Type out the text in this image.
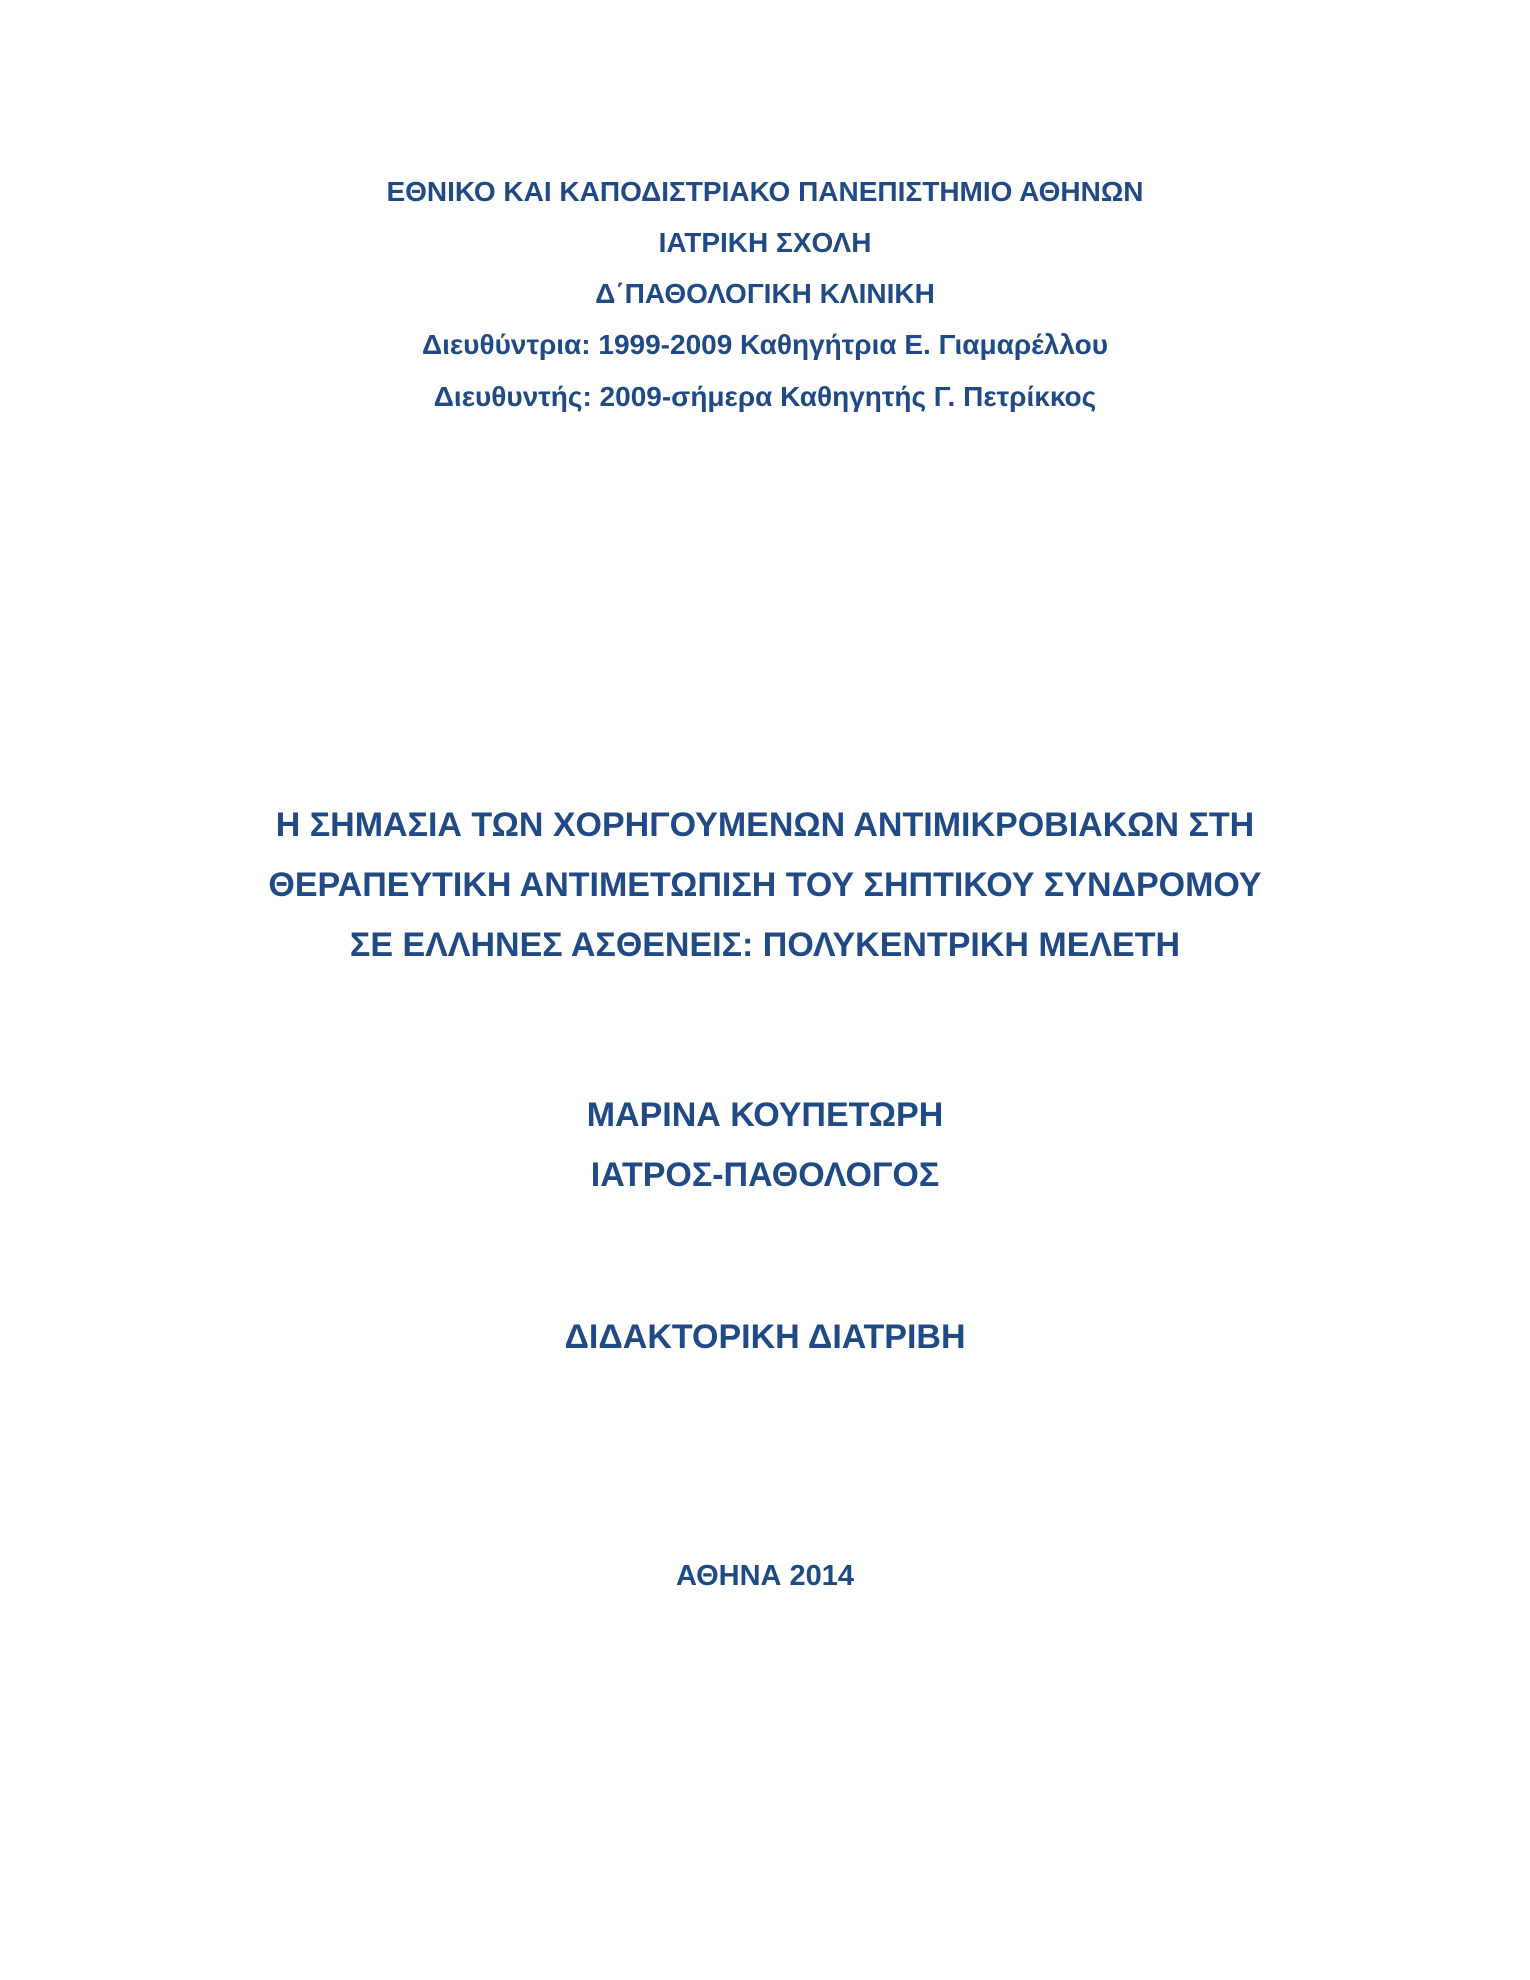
ΕΘΝΙΚΟ ΚΑΙ ΚΑΠΟΔΙΣΤΡΙΑΚΟ ΠΑΝΕΠΙΣΤΗΜΙΟ ΑΘΗΝΩΝ
ΙΑΤΡΙΚΗ ΣΧΟΛΗ
Δ΄ΠΑΘΟΛΟΓΙΚΗ ΚΛΙΝΙΚΗ
Διευθύντρια: 1999-2009 Καθηγήτρια Ε. Γιαμαρέλλου
Διευθυντής: 2009-σήμερα Καθηγητής Γ. Πετρίκκος
Η ΣΗΜΑΣΙΑ ΤΩΝ ΧΟΡΗΓΟΥΜΕΝΩΝ ΑΝΤΙΜΙΚΡΟΒΙΑΚΩΝ ΣΤΗ
ΘΕΡΑΠΕΥΤΙΚΗ ΑΝΤΙΜΕΤΩΠΙΣΗ ΤΟΥ ΣΗΠΤΙΚΟΥ ΣΥΝΔΡΟΜΟΥ
ΣΕ ΕΛΛΗΝΕΣ ΑΣΘΕΝΕΙΣ: ΠΟΛΥΚΕΝΤΡΙΚΗ ΜΕΛΕΤΗ
ΜΑΡΙΝΑ ΚΟΥΠΕΤΩΡΗ
ΙΑΤΡΟΣ-ΠΑΘΟΛΟΓΟΣ
ΔΙΔΑΚΤΟΡΙΚΗ ΔΙΑΤΡΙΒΗ
ΑΘΗΝΑ 2014
